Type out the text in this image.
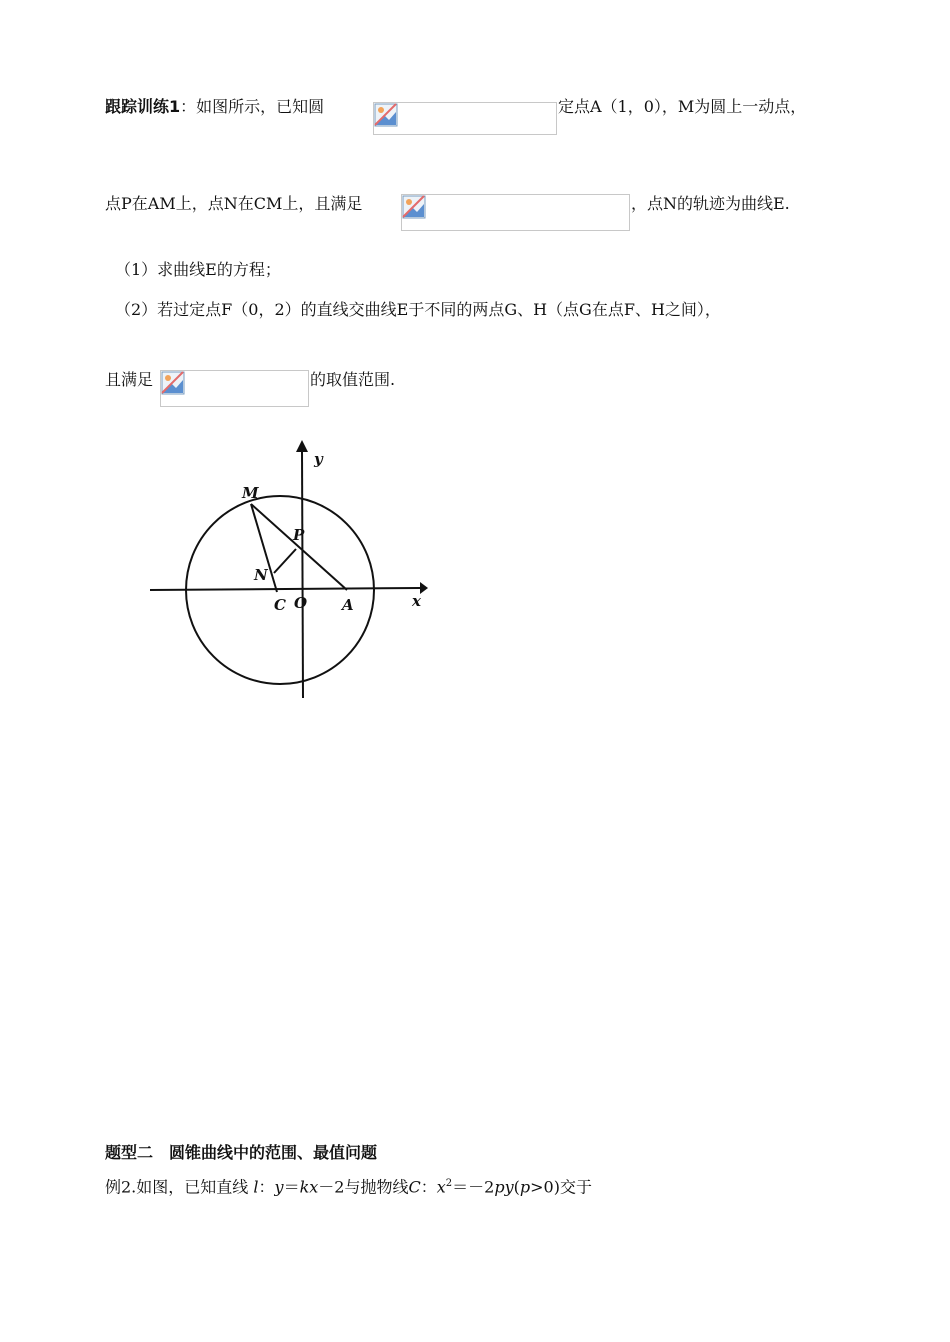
跟踪训练1：如图所示，已知圆	定点A（1，0），M为圆上一动点，
点P在AM上，点N在CM上，且满足	，点N的轨迹为曲线E.
（1）求曲线E的方程；
（2）若过定点F（0，2）的直线交曲线E于不同的两点G、H（点G在点F、H之间），
且满足	的取值范围.
y
x
M
P
N
C O A
题型二　圆锥曲线中的范围、最值问题
例2.如图，已知直线 l：y＝kx－2与抛物线C：$x^2=-2py(p>0)$交于
